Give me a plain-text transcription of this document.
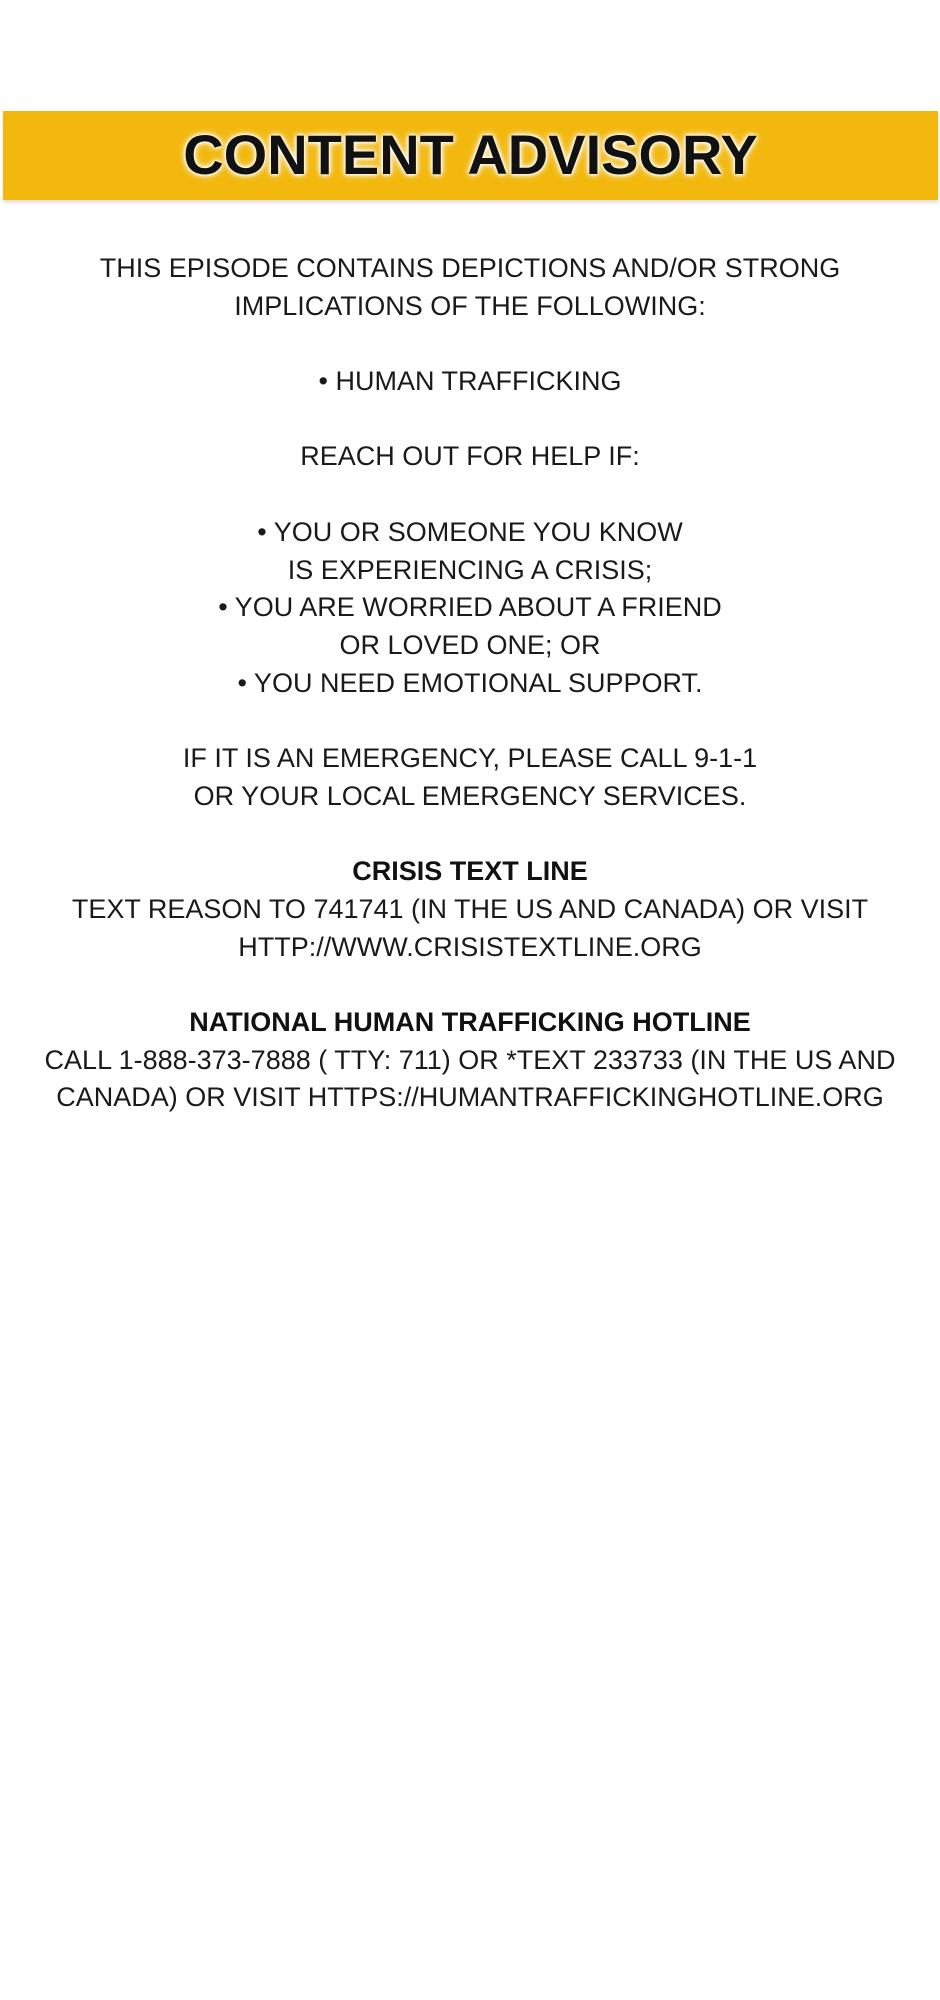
CONTENT ADVISORY

THIS EPISODE CONTAINS DEPICTIONS AND/OR STRONG

IMPLICATIONS OF THE FOLLOWING:

• HUMAN TRAFFICKING

REACH OUT FOR HELP IF:

• YOU OR SOMEONE YOU KNOW

IS EXPERIENCING A CRISIS;

• YOU ARE WORRIED ABOUT A FRIEND

OR LOVED ONE; OR

• YOU NEED EMOTIONAL SUPPORT.

IF IT IS AN EMERGENCY, PLEASE CALL 9-1-1

OR YOUR LOCAL EMERGENCY SERVICES.

CRISIS TEXT LINE

TEXT REASON TO 741741 (IN THE US AND CANADA) OR VISIT

HTTP://WWW.CRISISTEXTLINE.ORG

NATIONAL HUMAN TRAFFICKING HOTLINE

CALL 1-888-373-7888 ( TTY: 711) OR *TEXT 233733 (IN THE US AND

CANADA) OR VISIT HTTPS://HUMANTRAFFICKINGHOTLINE.ORG
